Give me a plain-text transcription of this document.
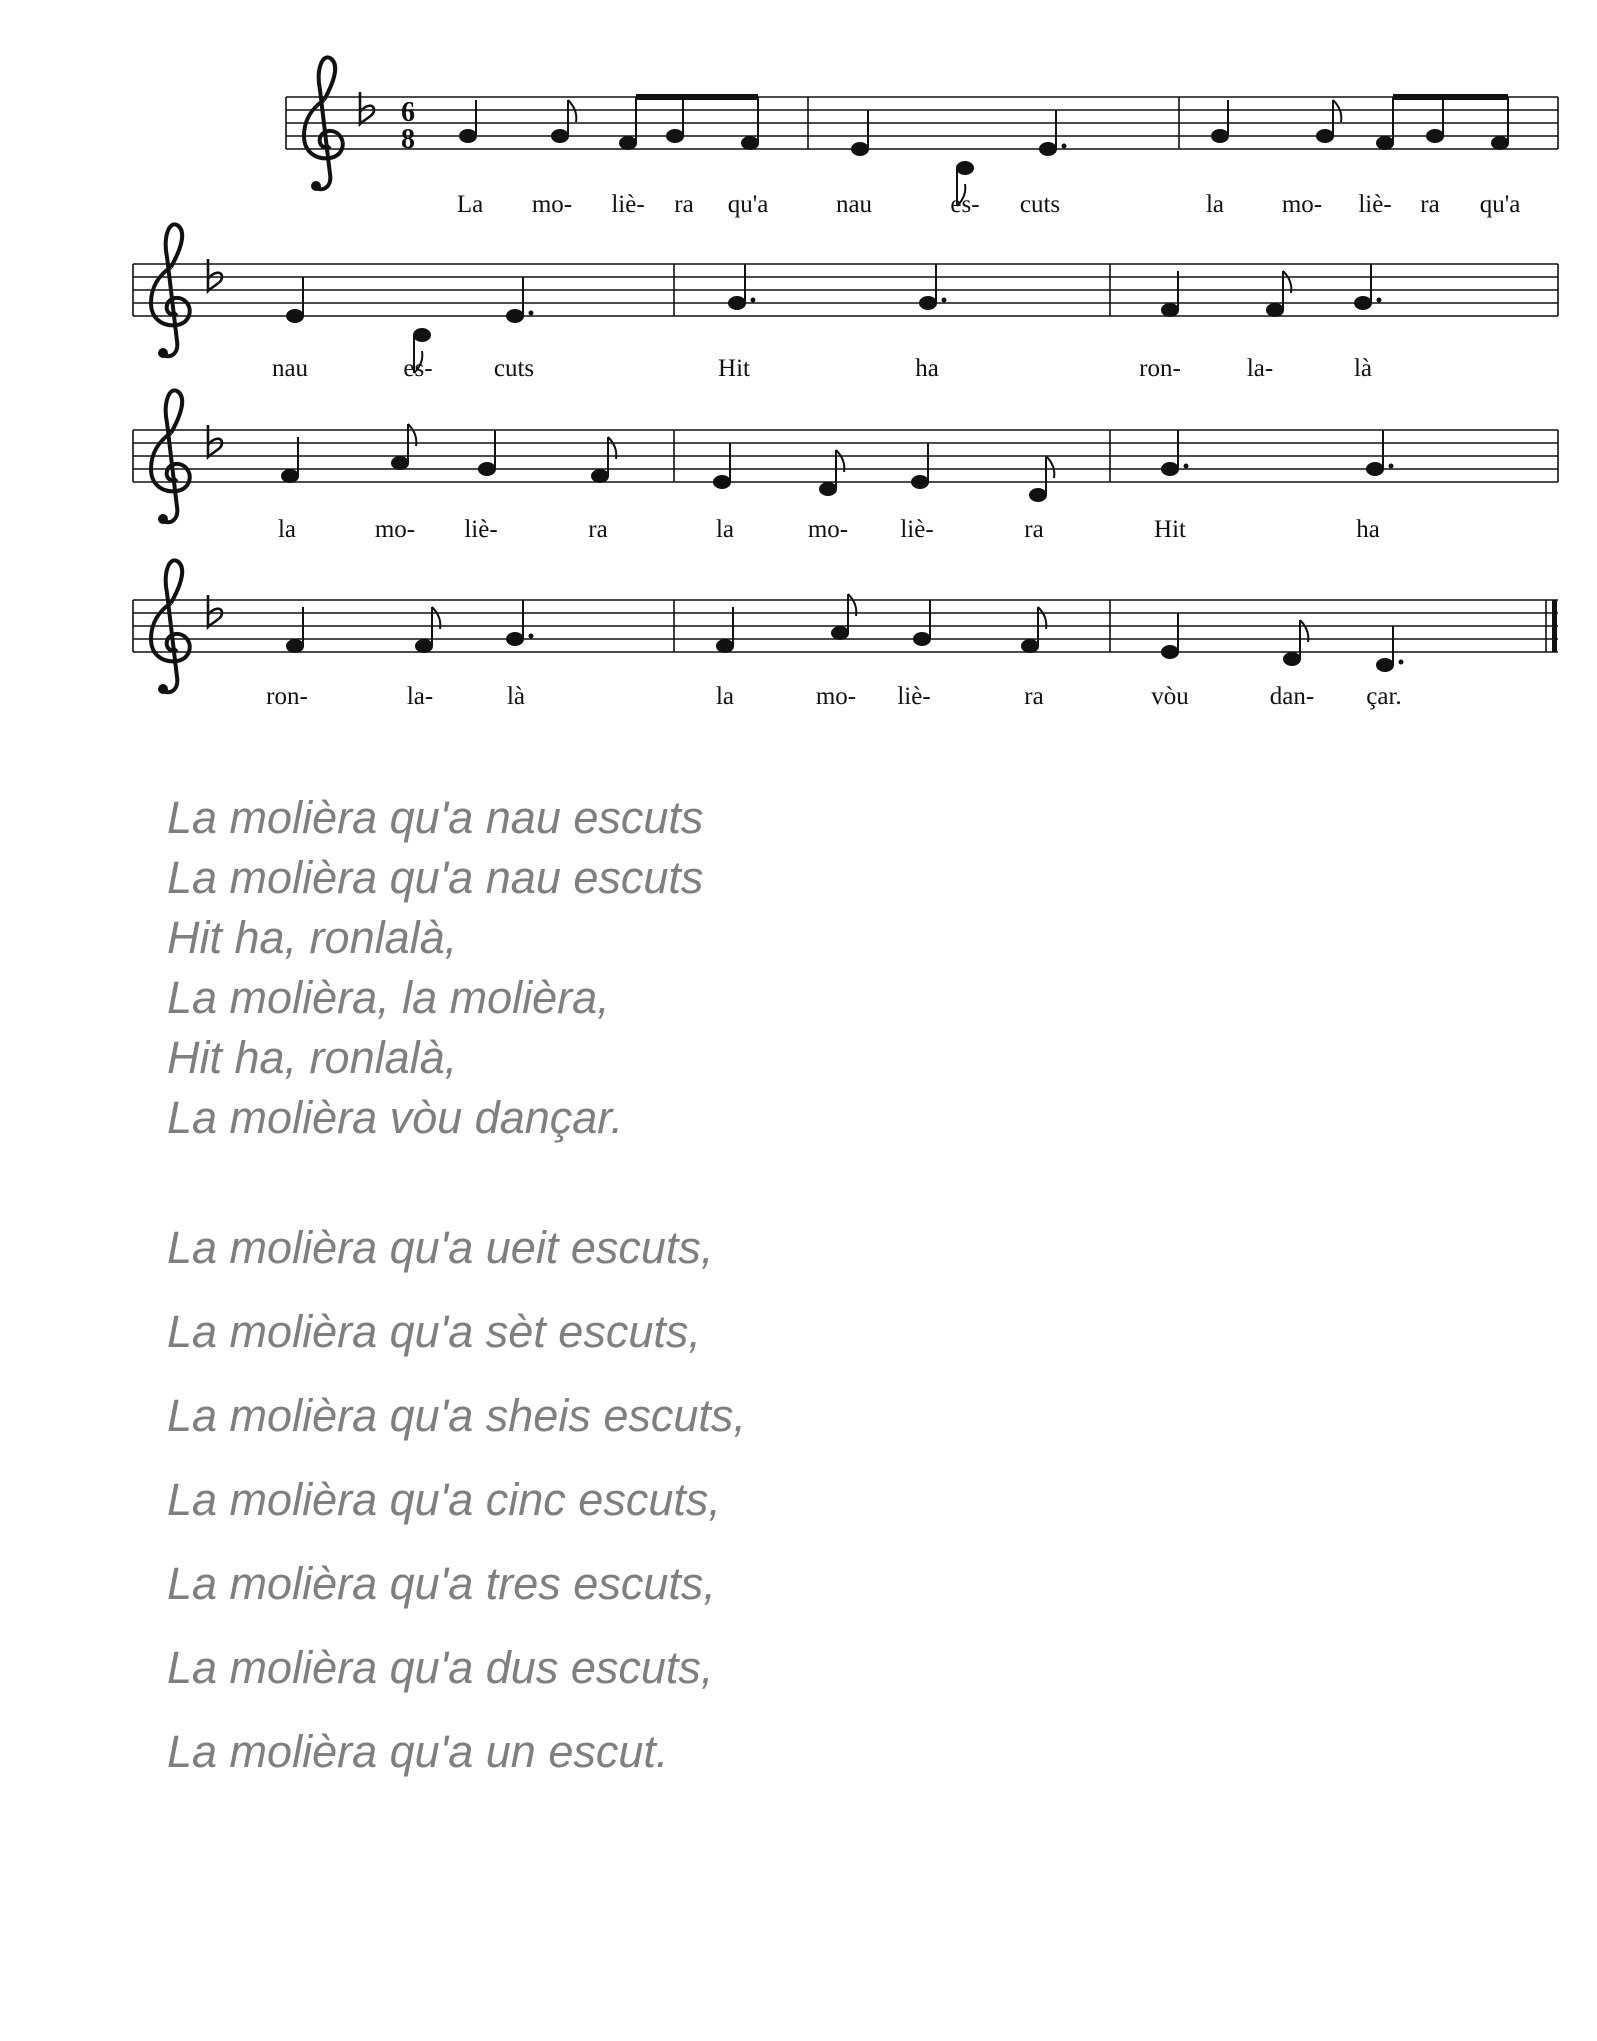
6
8
La mo- liè- ra qu'a	nau	es- cuts	la mo- liè- ra qu'a
nau	es- cuts	Hit	ha	ron-	la-	là
la	mo- liè-	ra	la	mo- liè-	ra	Hit	ha
ron-	la-	là	la	mo- liè-	ra	vòu	dan- çar.
La molièra qu'a nau escuts
La molièra qu'a nau escuts
Hit ha, ronlalà,
La molièra, la molièra,
Hit ha, ronlalà,
La molièra vòu dançar.
La molièra qu'a ueit escuts,
La molièra qu'a sèt escuts,
La molièra qu'a sheis escuts,
La molièra qu'a cinc escuts,
La molièra qu'a tres escuts,
La molièra qu'a dus escuts,
La molièra qu'a un escut.
